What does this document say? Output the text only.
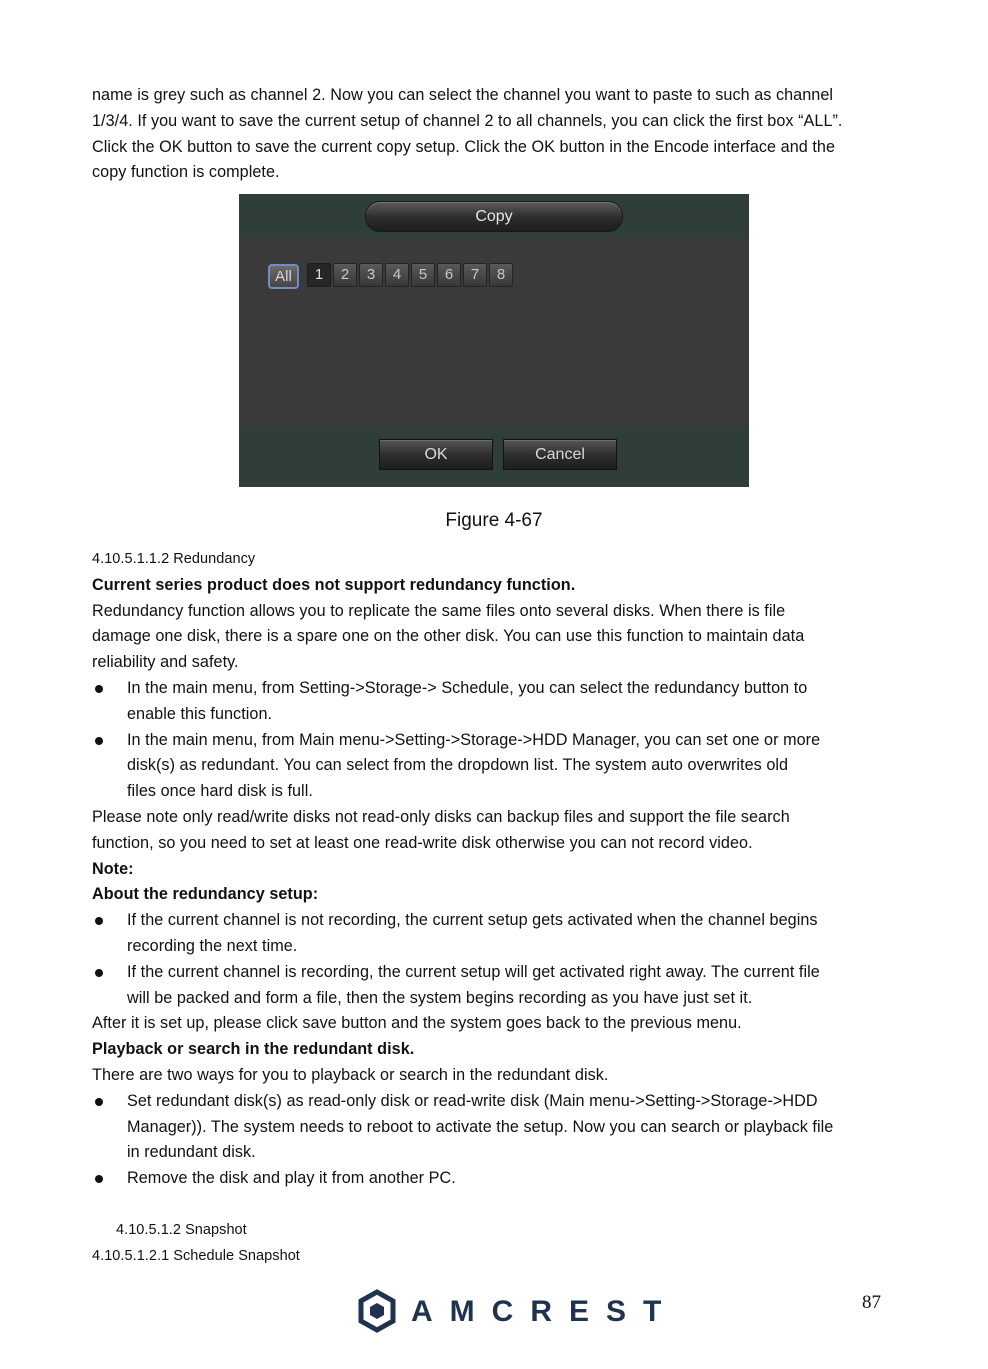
name is grey such as channel 2. Now you can select the channel you want to paste to such as channel

1/3/4. If you want to save the current setup of channel 2 to all channels, you can click the first box “ALL”.

Click the OK button to save the current copy setup. Click the OK button in the Encode interface and the

copy function is complete.

Copy
All	1	2	3	4	5	6	7	8
OK	Cancel
Figure 4-67

4.10.5.1.1.2 Redundancy

Current series product does not support redundancy function.

Redundancy function allows you to replicate the same files onto several disks. When there is file

damage one disk, there is a spare one on the other disk. You can use this function to maintain data

reliability and safety.

In the main menu, from Setting->Storage-> Schedule, you can select the redundancy button to

enable this function.

In the main menu, from Main menu->Setting->Storage->HDD Manager, you can set one or more

disk(s) as redundant. You can select from the dropdown list. The system auto overwrites old

files once hard disk is full.

Please note only read/write disks not read-only disks can backup files and support the file search

function, so you need to set at least one read-write disk otherwise you can not record video.

Note:

About the redundancy setup:

If the current channel is not recording, the current setup gets activated when the channel begins

recording the next time.

If the current channel is recording, the current setup will get activated right away. The current file

will be packed and form a file, then the system begins recording as you have just set it.

After it is set up, please click save button and the system goes back to the previous menu.

Playback or search in the redundant disk.

There are two ways for you to playback or search in the redundant disk.

Set redundant disk(s) as read-only disk or read-write disk (Main menu->Setting->Storage->HDD

Manager)). The system needs to reboot to activate the setup. Now you can search or playback file

in redundant disk.

Remove the disk and play it from another PC.

4.10.5.1.2 Snapshot

4.10.5.1.2.1 Schedule Snapshot

AMCREST	87
